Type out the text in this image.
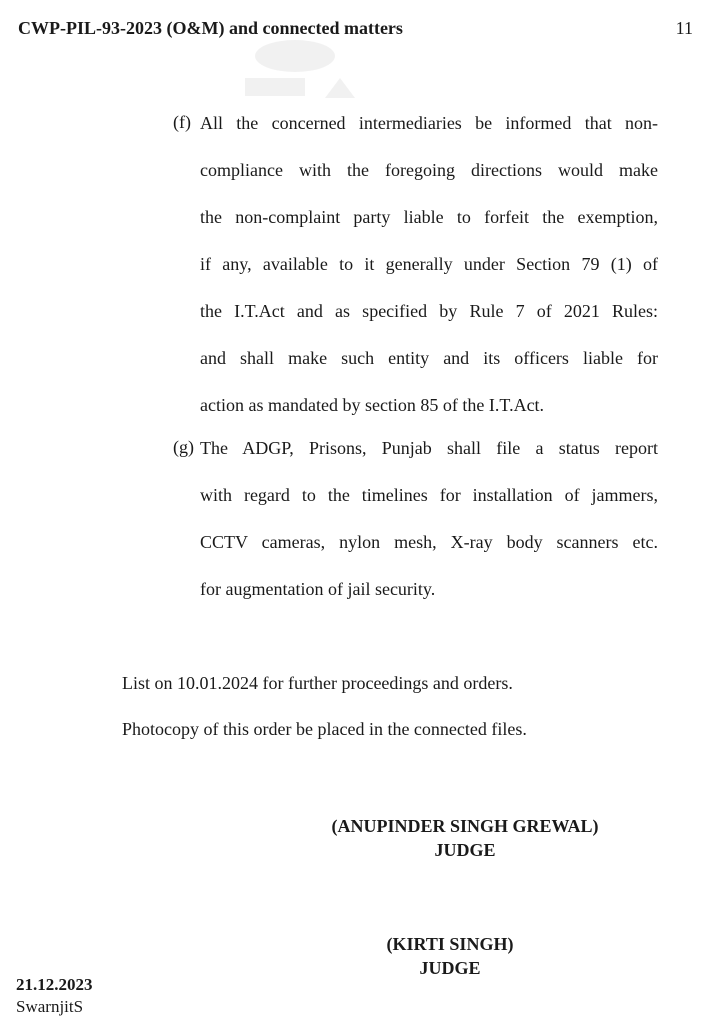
CWP-PIL-93-2023 (O&M) and connected matters	11
(f) All the concerned intermediaries be informed that non-
compliance with the foregoing directions would make
the non-complaint party liable to forfeit the exemption,
if any, available to it generally under Section 79 (1) of
the I.T.Act and as specified by Rule 7 of 2021 Rules:
and shall make such entity and its officers liable for
action as mandated by section 85 of the I.T.Act.
(g) The ADGP, Prisons, Punjab shall file a status report
with regard to the timelines for installation of jammers,
CCTV cameras, nylon mesh, X-ray body scanners etc.
for augmentation of jail security.
List on 10.01.2024 for further proceedings and orders.
Photocopy of this order be placed in the connected files.
(ANUPINDER SINGH GREWAL)
JUDGE
(KIRTI SINGH)
JUDGE
21.12.2023
SwarnjitS
